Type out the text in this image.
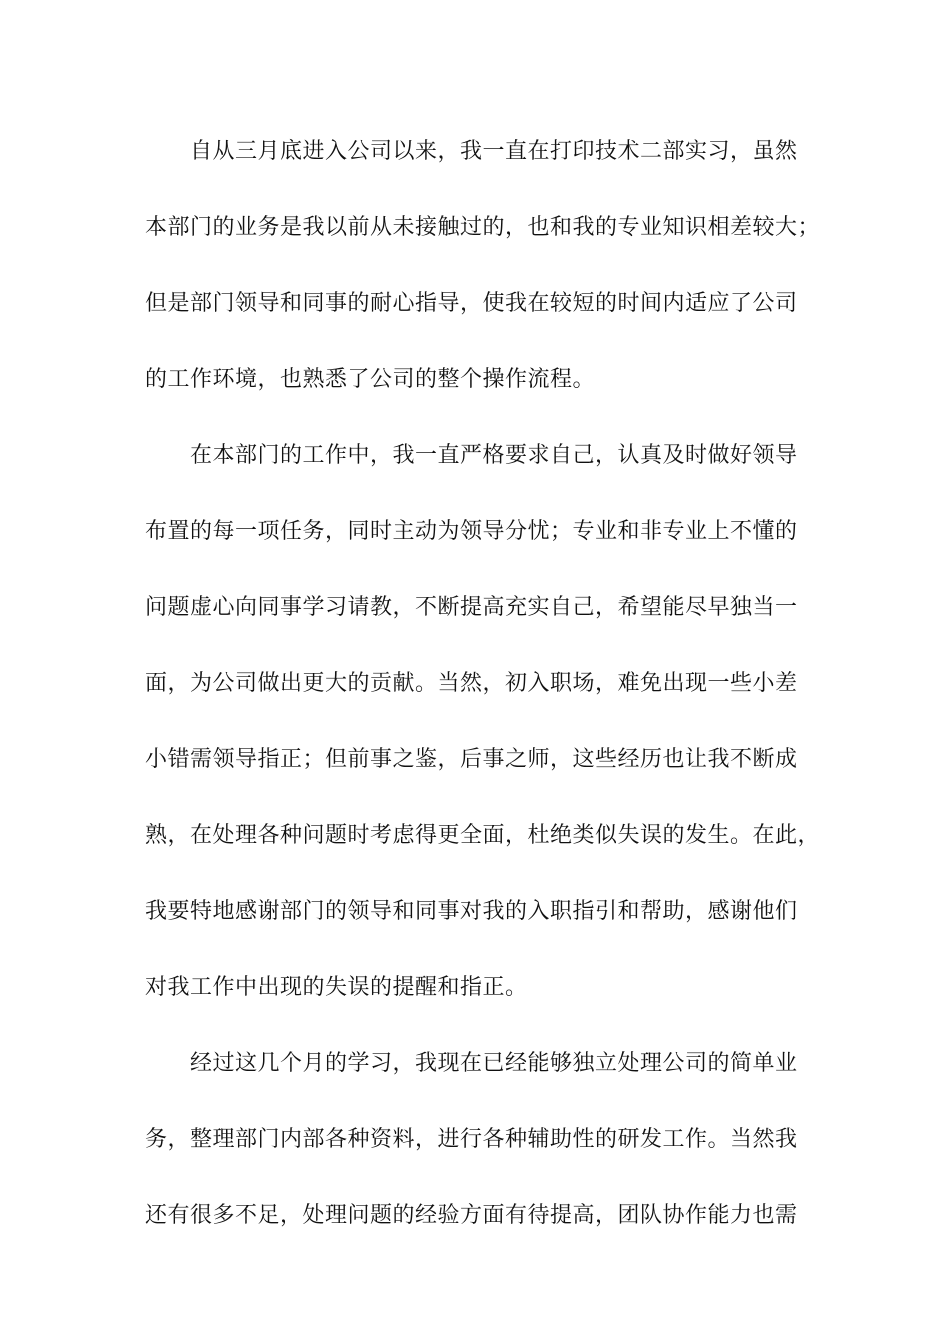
自从三月底进入公司以来，我一直在打印技术二部实习，虽然
本部门的业务是我以前从未接触过的，也和我的专业知识相差较大；
但是部门领导和同事的耐心指导，使我在较短的时间内适应了公司
的工作环境，也熟悉了公司的整个操作流程。
在本部门的工作中，我一直严格要求自己，认真及时做好领导
布置的每一项任务，同时主动为领导分忧；专业和非专业上不懂的
问题虚心向同事学习请教，不断提高充实自己，希望能尽早独当一
面，为公司做出更大的贡献。当然，初入职场，难免出现一些小差
小错需领导指正；但前事之鉴，后事之师，这些经历也让我不断成
熟，在处理各种问题时考虑得更全面，杜绝类似失误的发生。在此，
我要特地感谢部门的领导和同事对我的入职指引和帮助，感谢他们
对我工作中出现的失误的提醒和指正。
经过这几个月的学习，我现在已经能够独立处理公司的简单业
务，整理部门内部各种资料，进行各种辅助性的研发工作。当然我
还有很多不足，处理问题的经验方面有待提高，团队协作能力也需
